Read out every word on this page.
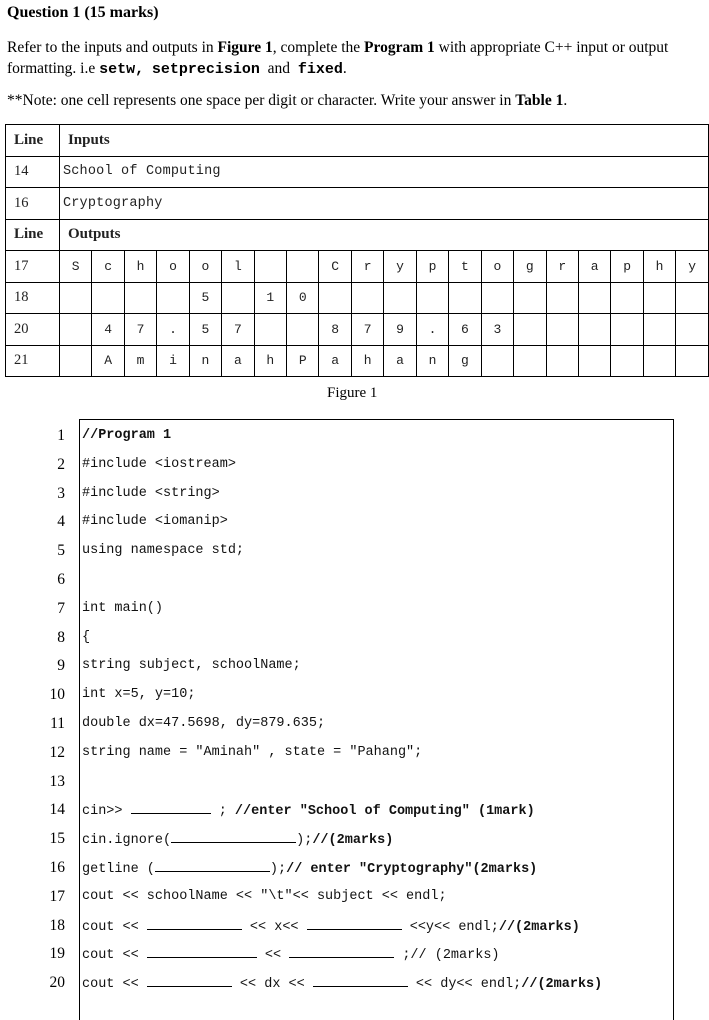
Question 1 (15 marks)
Refer to the inputs and outputs in Figure 1, complete the Program 1 with appropriate C++ input or output formatting. i.e setw, setprecision and fixed.
**Note: one cell represents one space per digit or character. Write your answer in Table 1.
Line	Inputs																			
14	School of Computing																			
16	Cryptography																			
Line	Outputs																			
17	S	c	h	o	o	l			C	r	y	p	t	o	g	r	a	p	h	y
18					5		1	0												
20		4	7	.	5	7			8	7	9	.	6	3						
21		A	m	i	n	a	h	P	a	h	a	n	g							
Figure 1
1 //Program 1
2 #include <iostream>
3 #include <string>
4 #include <iomanip>
5 using namespace std;
6
7 int main()
8 {
9 string subject, schoolName;
10 int x=5, y=10;
11 double dx=47.5698, dy=879.635;
12 string name = "Aminah" , state = "Pahang";
13
14 cin>>	; //enter "School of Computing" (1mark)
15 cin.ignore(	);//(2marks)
16 getline (	);// enter "Cryptography"(2marks)
17 cout << schoolName << "\t"<< subject << endl;
18 cout <<	<< x<<	<<y<< endl;//(2marks)
19 cout <<	<<	;// (2marks)
20 cout <<	<< dx <<	<< dy<< endl;//(2marks)
